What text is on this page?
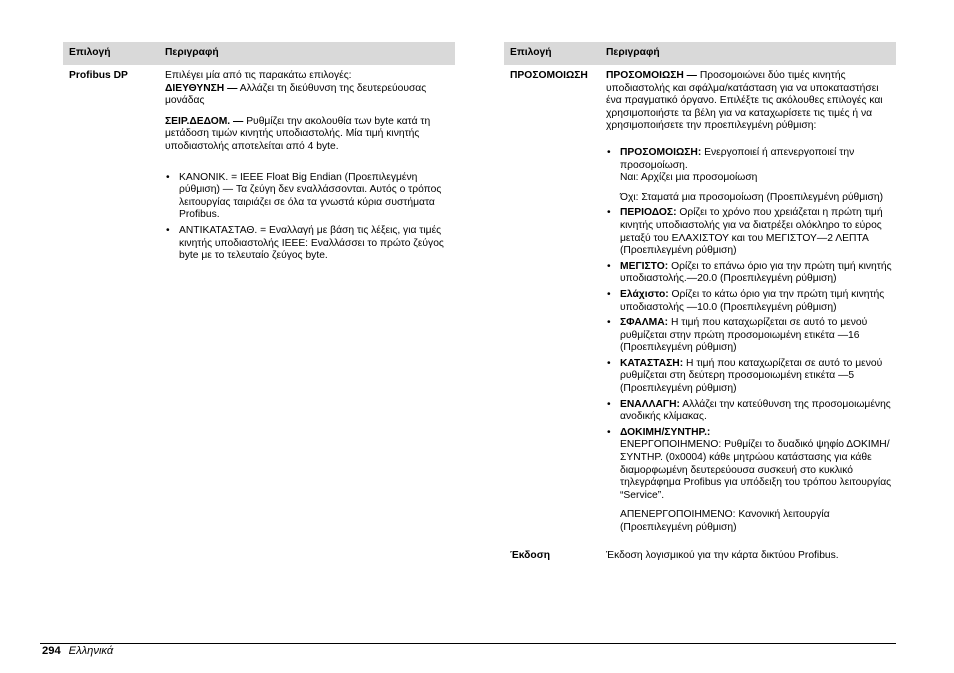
Επιλογή	Περιγραφή
Profibus DP	Επιλέγει μία από τις παρακάτω επιλογές:

ΔΙΕΥΘΥΝΣΗ — Αλλάζει τη διεύθυνση της δευτερεύουσας μονάδας

ΣΕΙΡ.ΔΕΔΟΜ. — Ρυθμίζει την ακολουθία των byte κατά τη μετάδοση τιμών κινητής υποδιαστολής. Μία τιμή κινητής υποδιαστολής αποτελείται από 4 byte.

• KANONIK. = IEEE Float Big Endian (Προεπιλεγμένη ρύθμιση) — Τα ζεύγη δεν εναλλάσσονται. Αυτός ο τρόπος λειτουργίας ταιριάζει σε όλα τα γνωστά κύρια συστήματα Profibus.
• ΑΝΤΙΚΑΤΑΣΤΑΘ. = Εναλλαγή με βάση τις λέξεις, για τιμές κινητής υποδιαστολής IEEE: Εναλλάσσει το πρώτο ζεύγος byte με το τελευταίο ζεύγος byte.
Επιλογή	Περιγραφή
ΠΡΟΣΟΜΟΙΩΣΗ	ΠΡΟΣΟΜΟΙΩΣΗ — Προσομοιώνει δύο τιμές κινητής υποδιαστολής και σφάλμα/κατάσταση για να υποκαταστήσει ένα πραγματικό όργανο. Επιλέξτε τις ακόλουθες επιλογές και χρησιμοποιήστε τα βέλη για να καταχωρίσετε τις τιμές ή να χρησιμοποιήσετε την προεπιλεγμένη ρύθμιση:

• ΠΡΟΣΟΜΟΙΩΣΗ: Ενεργοποιεί ή απενεργοποιεί την προσομοίωση.

Ναι: Αρχίζει μια προσομοίωση

Όχι: Σταματά μια προσομοίωση (Προεπιλεγμένη ρύθμιση)

• ΠΕΡΙΟΔΟΣ: Ορίζει το χρόνο που χρειάζεται η πρώτη τιμή κινητής υποδιαστολής για να διατρέξει ολόκληρο το εύρος μεταξύ του ΕΛΑΧΙΣΤΟΥ και του ΜΕΓΙΣΤΟΥ—2 ΛΕΠΤΑ (Προεπιλεγμένη ρύθμιση)
• ΜΕΓΙΣΤΟ: Ορίζει το επάνω όριο για την πρώτη τιμή κινητής υποδιαστολής.—20.0 (Προεπιλεγμένη ρύθμιση)
• Ελάχιστο: Ορίζει το κάτω όριο για την πρώτη τιμή κινητής υποδιαστολής —10.0 (Προεπιλεγμένη ρύθμιση)
• ΣΦΑΛΜΑ: Η τιμή που καταχωρίζεται σε αυτό το μενού ρυθμίζεται στην πρώτη προσομοιωμένη ετικέτα —16 (Προεπιλεγμένη ρύθμιση)
• ΚΑΤΑΣΤΑΣΗ: Η τιμή που καταχωρίζεται σε αυτό το μενού ρυθμίζεται στη δεύτερη προσομοιωμένη ετικέτα —5 (Προεπιλεγμένη ρύθμιση)
• ΕΝΑΛΛΑΓΗ: Αλλάζει την κατεύθυνση της προσομοιωμένης ανοδικής κλίμακας.
• ΔΟΚΙΜΗ/ΣΥΝΤΗΡ.:

ΕΝΕΡΓΟΠΟΙΗΜΕΝΟ: Ρυθμίζει το δυαδικό ψηφίο ΔΟΚΙΜΗ/ΣΥΝΤΗΡ. (0x0004) κάθε μητρώου κατάστασης για κάθε διαμορφωμένη δευτερεύουσα συσκευή στο κυκλικό τηλεγράφημα Profibus για υπόδειξη του τρόπου λειτουργίας “Service”.

ΑΠΕΝΕΡΓΟΠΟΙΗΜΕΝΟ: Κανονική λειτουργία (Προεπιλεγμένη ρύθμιση)

Έκδοση	Έκδοση λογισμικού για την κάρτα δικτύου Profibus.
294 Ελληνικά
